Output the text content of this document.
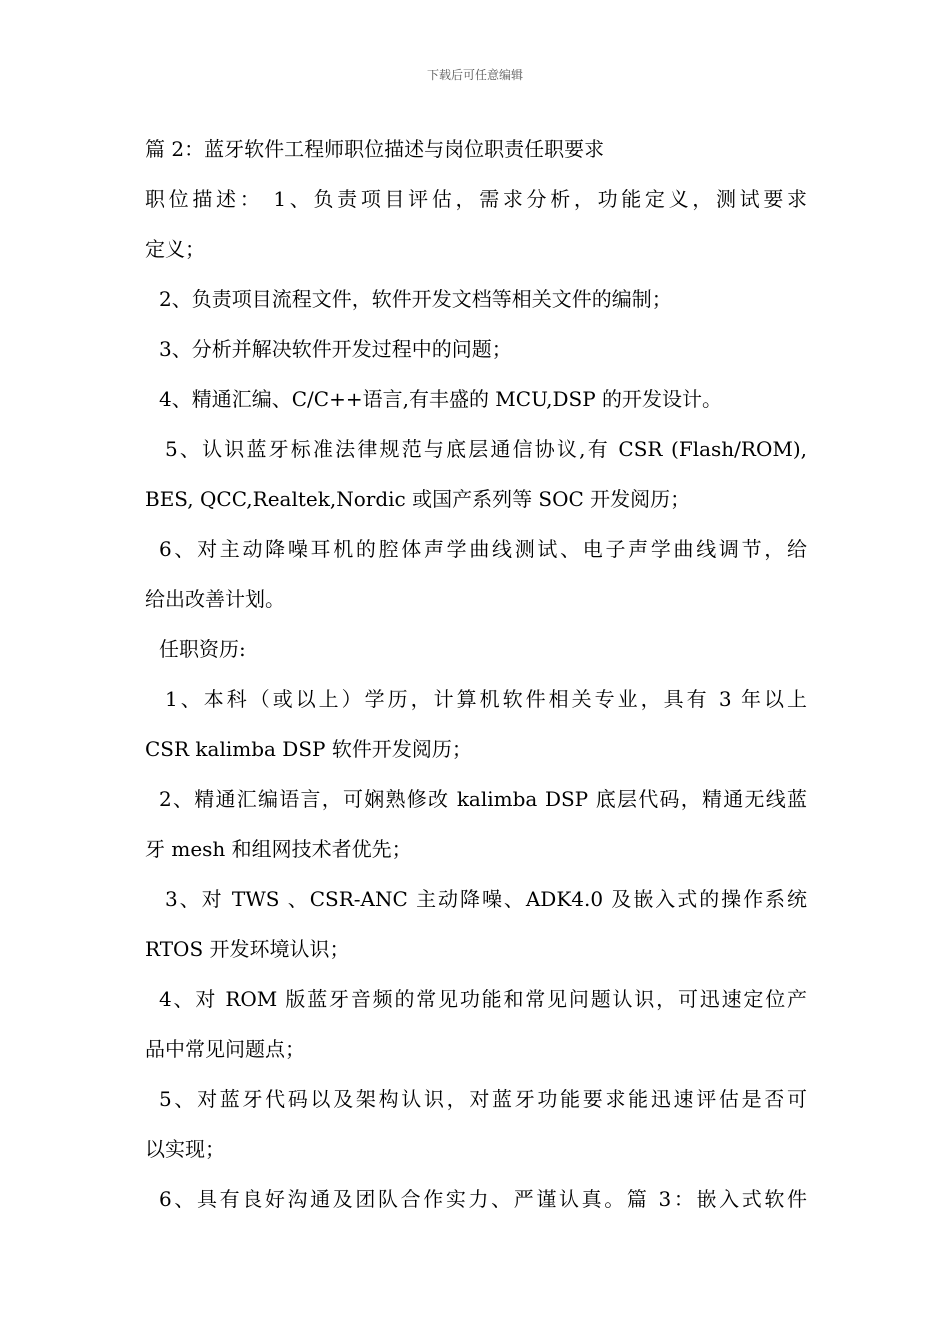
下载后可任意编辑
篇 2：蓝牙软件工程师职位描述与岗位职责任职要求
职位描述： 1、负责项目评估，需求分析，功能定义，测试要求
定义；
2、负责项目流程文件，软件开发文档等相关文件的编制；
3、分析并解决软件开发过程中的问题；
4、精通汇编、C/C++语言,有丰盛的 MCU,DSP 的开发设计。
5、认识蓝牙标准法律规范与底层通信协议,有 CSR (Flash/ROM),
BES, QCC,Realtek,Nordic 或国产系列等 SOC 开发阅历；
6、对主动降噪耳机的腔体声学曲线测试、电子声学曲线调节，给
给出改善计划。
任职资历:
1、本科（或以上）学历，计算机软件相关专业，具有 3 年以上
CSR kalimba DSP 软件开发阅历；
2、精通汇编语言，可娴熟修改 kalimba DSP 底层代码，精通无线蓝
牙 mesh 和组网技术者优先；
3、对 TWS 、CSR-ANC 主动降噪、ADK4.0 及嵌入式的操作系统
RTOS 开发环境认识；
4、对 ROM 版蓝牙音频的常见功能和常见问题认识，可迅速定位产
品中常见问题点；
5、对蓝牙代码以及架构认识，对蓝牙功能要求能迅速评估是否可
以实现；
6、具有良好沟通及团队合作实力、严谨认真。篇 3：嵌入式软件
